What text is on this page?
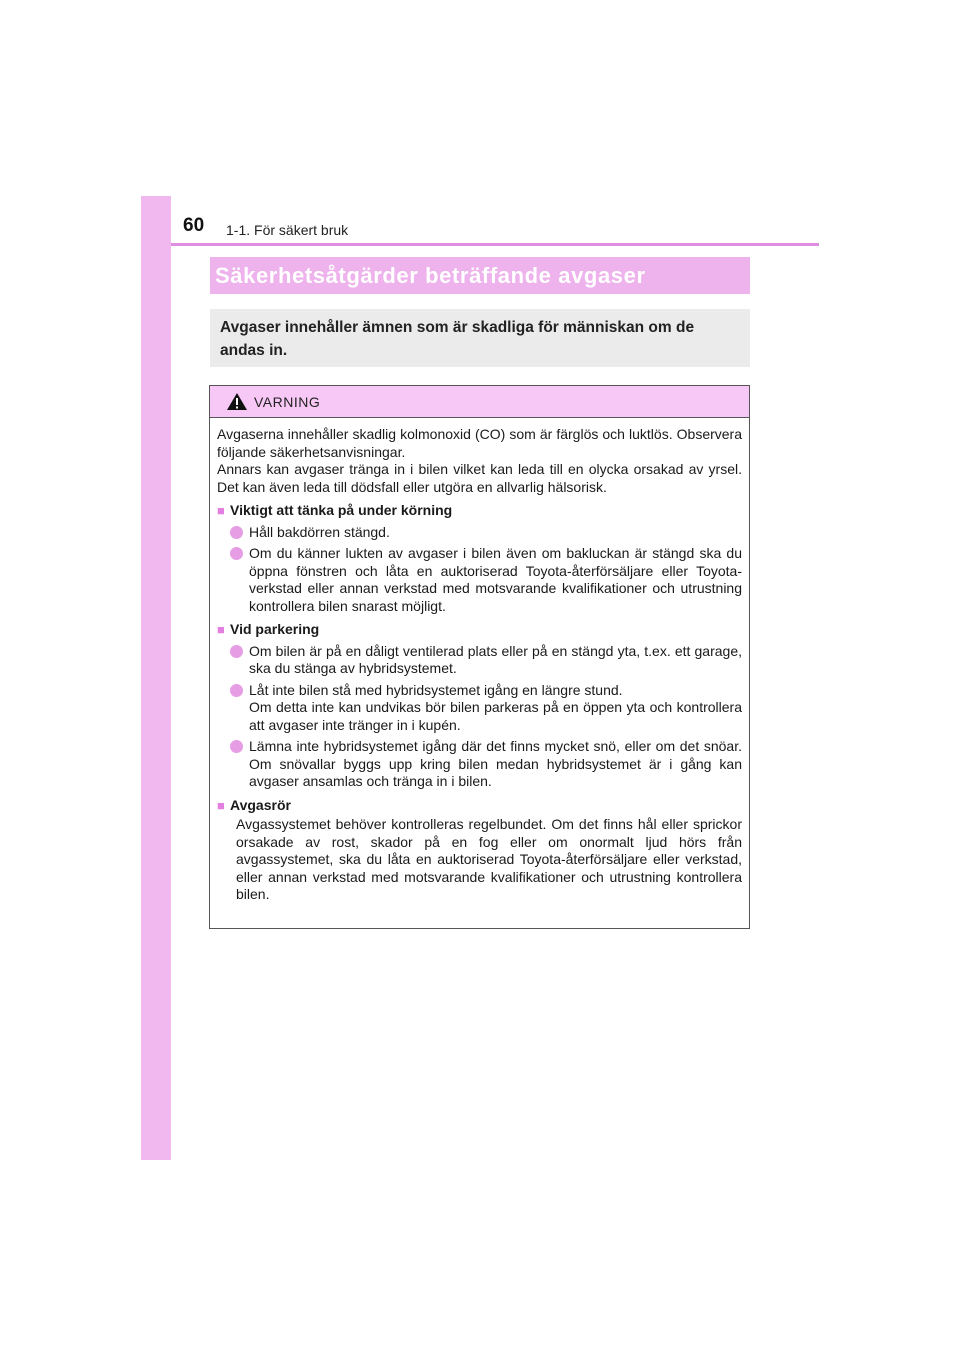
60 1-1. För säkert bruk
Säkerhetsåtgärder beträffande avgaser
Avgaser innehåller ämnen som är skadliga för människan om de andas in.
VARNING

Avgaserna innehåller skadlig kolmonoxid (CO) som är färglös och luktlös. Observera följande säkerhetsanvisningar.

Annars kan avgaser tränga in i bilen vilket kan leda till en olycka orsakad av yrsel. Det kan även leda till dödsfall eller utgöra en allvarlig hälsorisk.

■ Viktigt att tänka på under körning
Håll bakdörren stängd.
Om du känner lukten av avgaser i bilen även om bakluckan är stängd ska du öppna fönstren och låta en auktoriserad Toyota-återförsäljare eller Toyota-verkstad eller annan verkstad med motsvarande kvalifikationer och utrustning kontrollera bilen snarast möjligt.
■ Vid parkering
Om bilen är på en dåligt ventilerad plats eller på en stängd yta, t.ex. ett garage, ska du stänga av hybridsystemet.
Låt inte bilen stå med hybridsystemet igång en längre stund.
Om detta inte kan undvikas bör bilen parkeras på en öppen yta och kontrollera att avgaser inte tränger in i kupén.
Lämna inte hybridsystemet igång där det finns mycket snö, eller om det snöar. Om snövallar byggs upp kring bilen medan hybridsystemet är i gång kan avgaser ansamlas och tränga in i bilen.
■ Avgasrör
Avgassystemet behöver kontrolleras regelbundet. Om det finns hål eller sprickor orsakade av rost, skador på en fog eller om onormalt ljud hörs från avgassystemet, ska du låta en auktoriserad Toyota-återförsäljare eller verkstad, eller annan verkstad med motsvarande kvalifikationer och utrustning kontrollera bilen.
